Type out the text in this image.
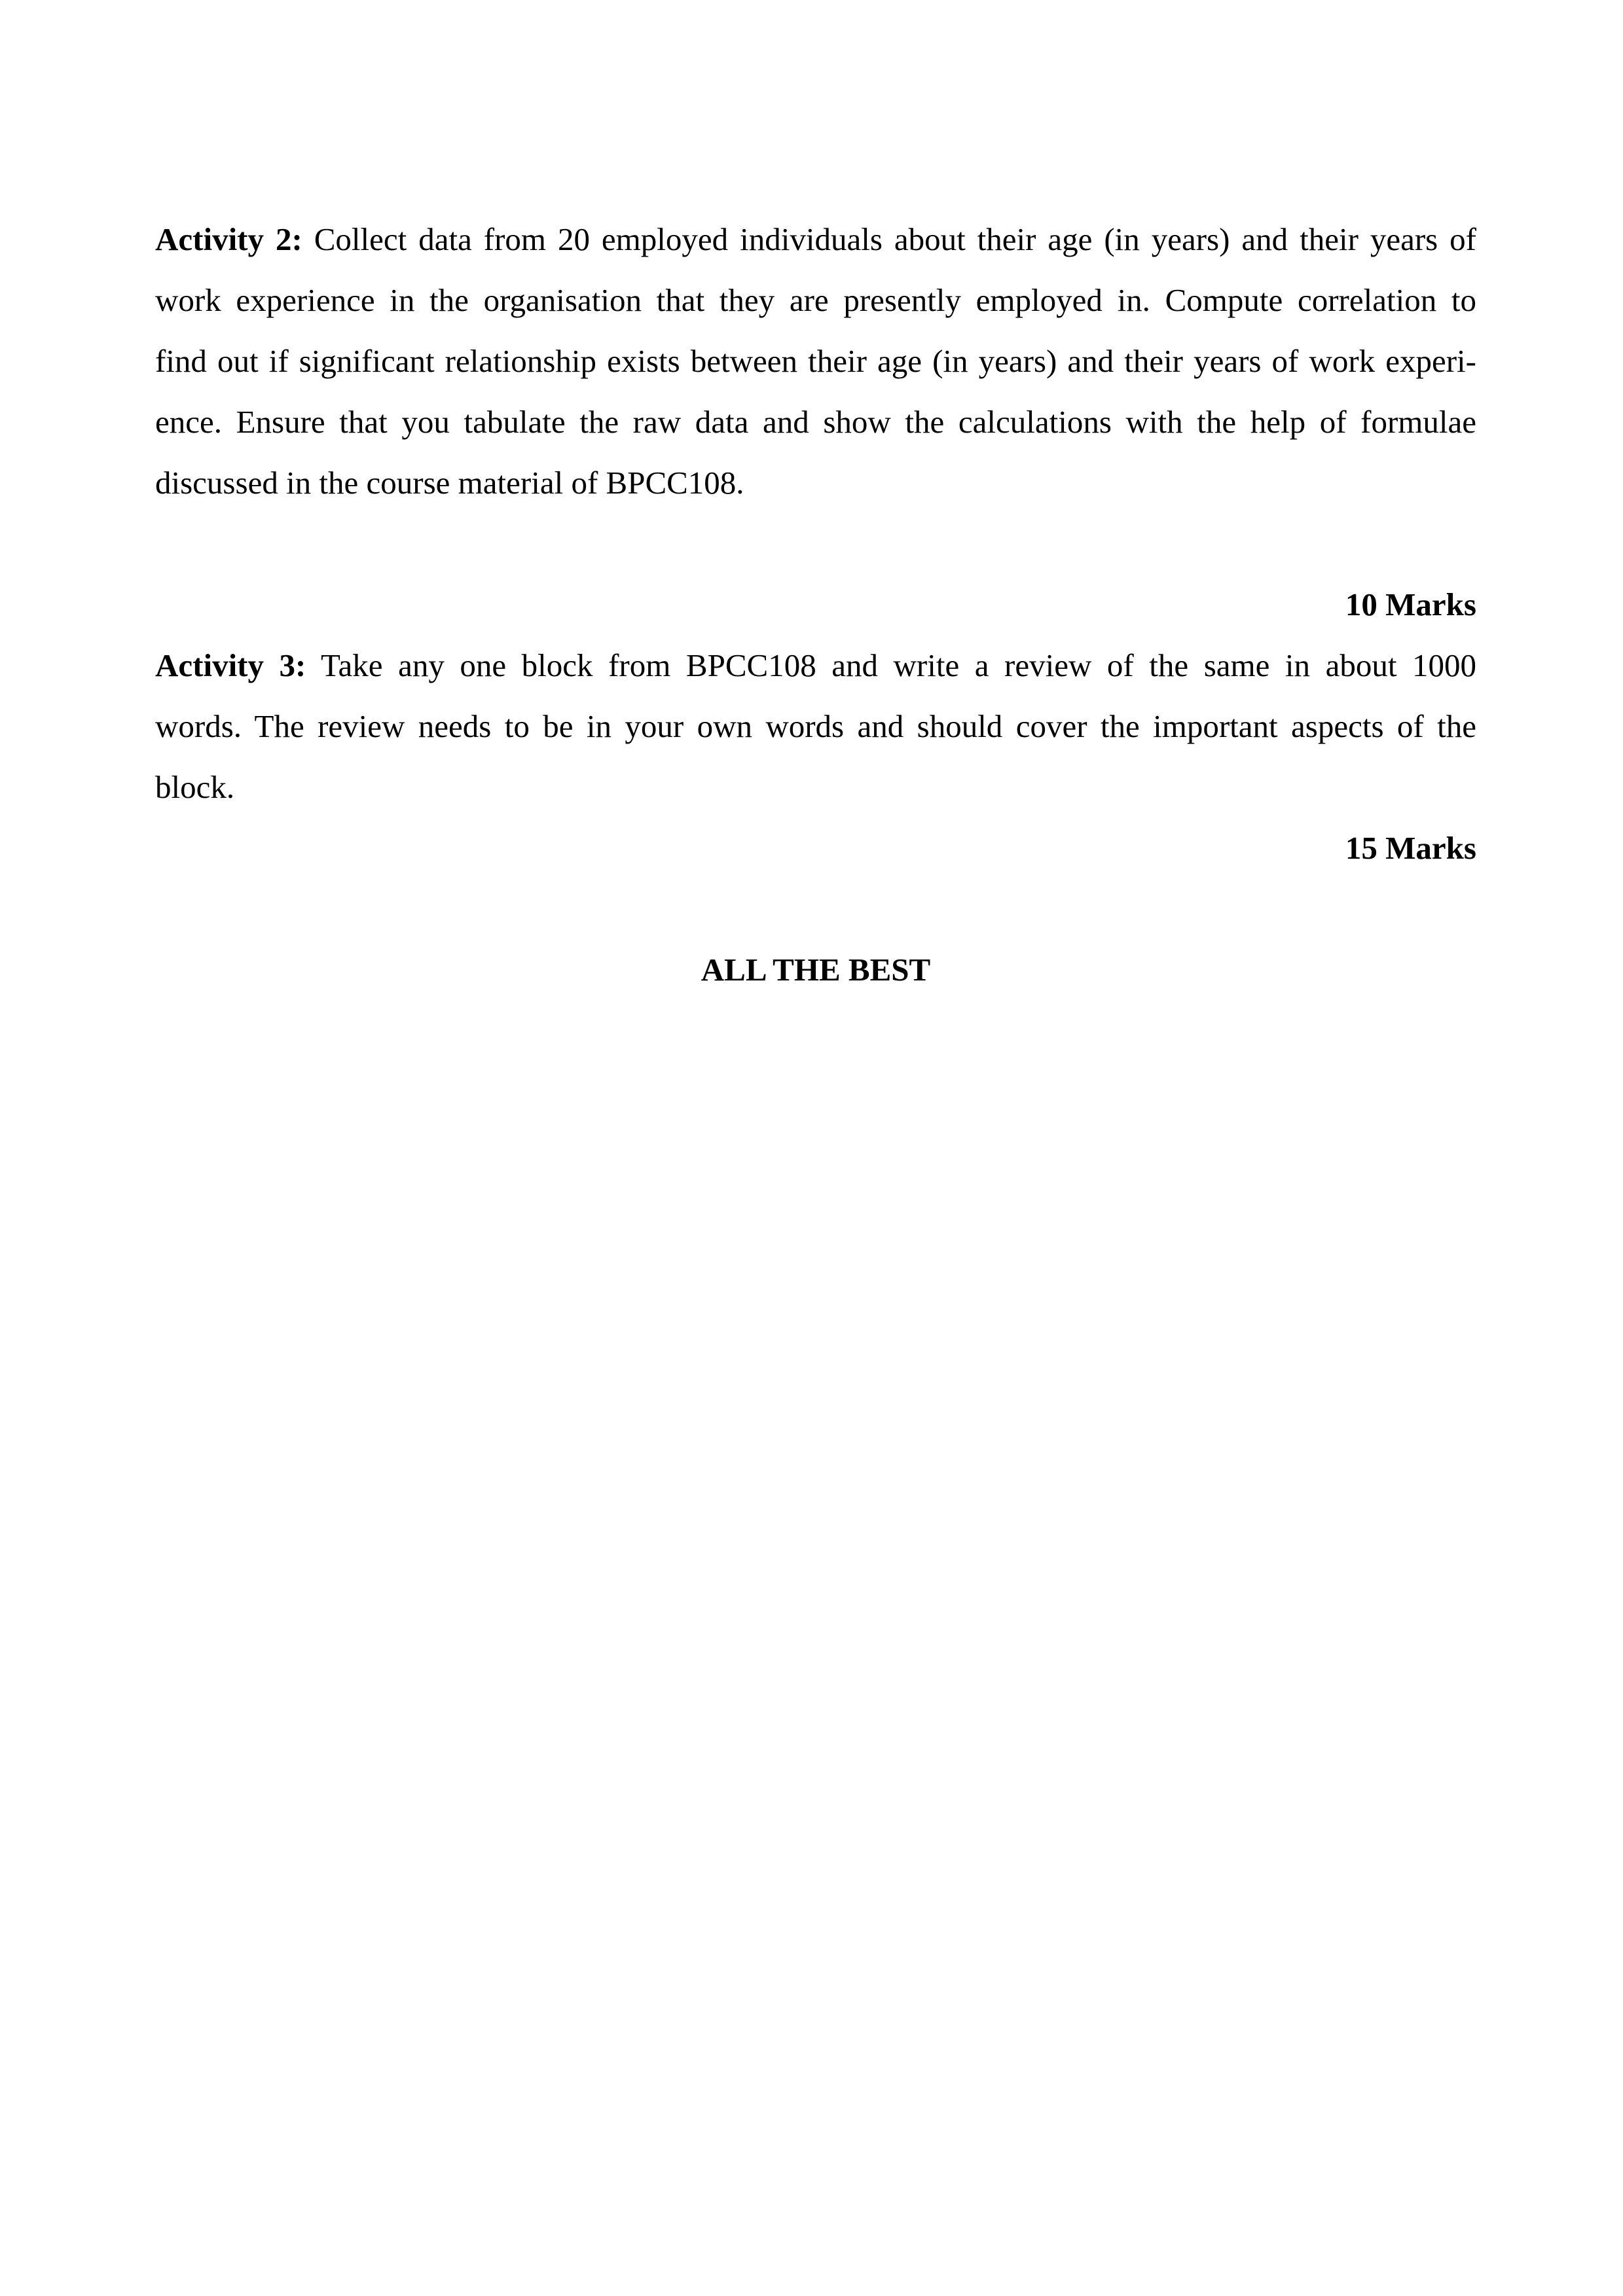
Activity 2: Collect data from 20 employed individuals about their age (in years) and their years of
work experience in the organisation that they are presently employed in. Compute correlation to
find out if significant relationship exists between their age (in years) and their years of work experi-
ence. Ensure that you tabulate the raw data and show the calculations with the help of formulae
discussed in the course material of BPCC108.

10 Marks

Activity 3: Take any one block from BPCC108 and write a review of the same in about 1000
words. The review needs to be in your own words and should cover the important aspects of the
block.

15 Marks

ALL THE BEST
